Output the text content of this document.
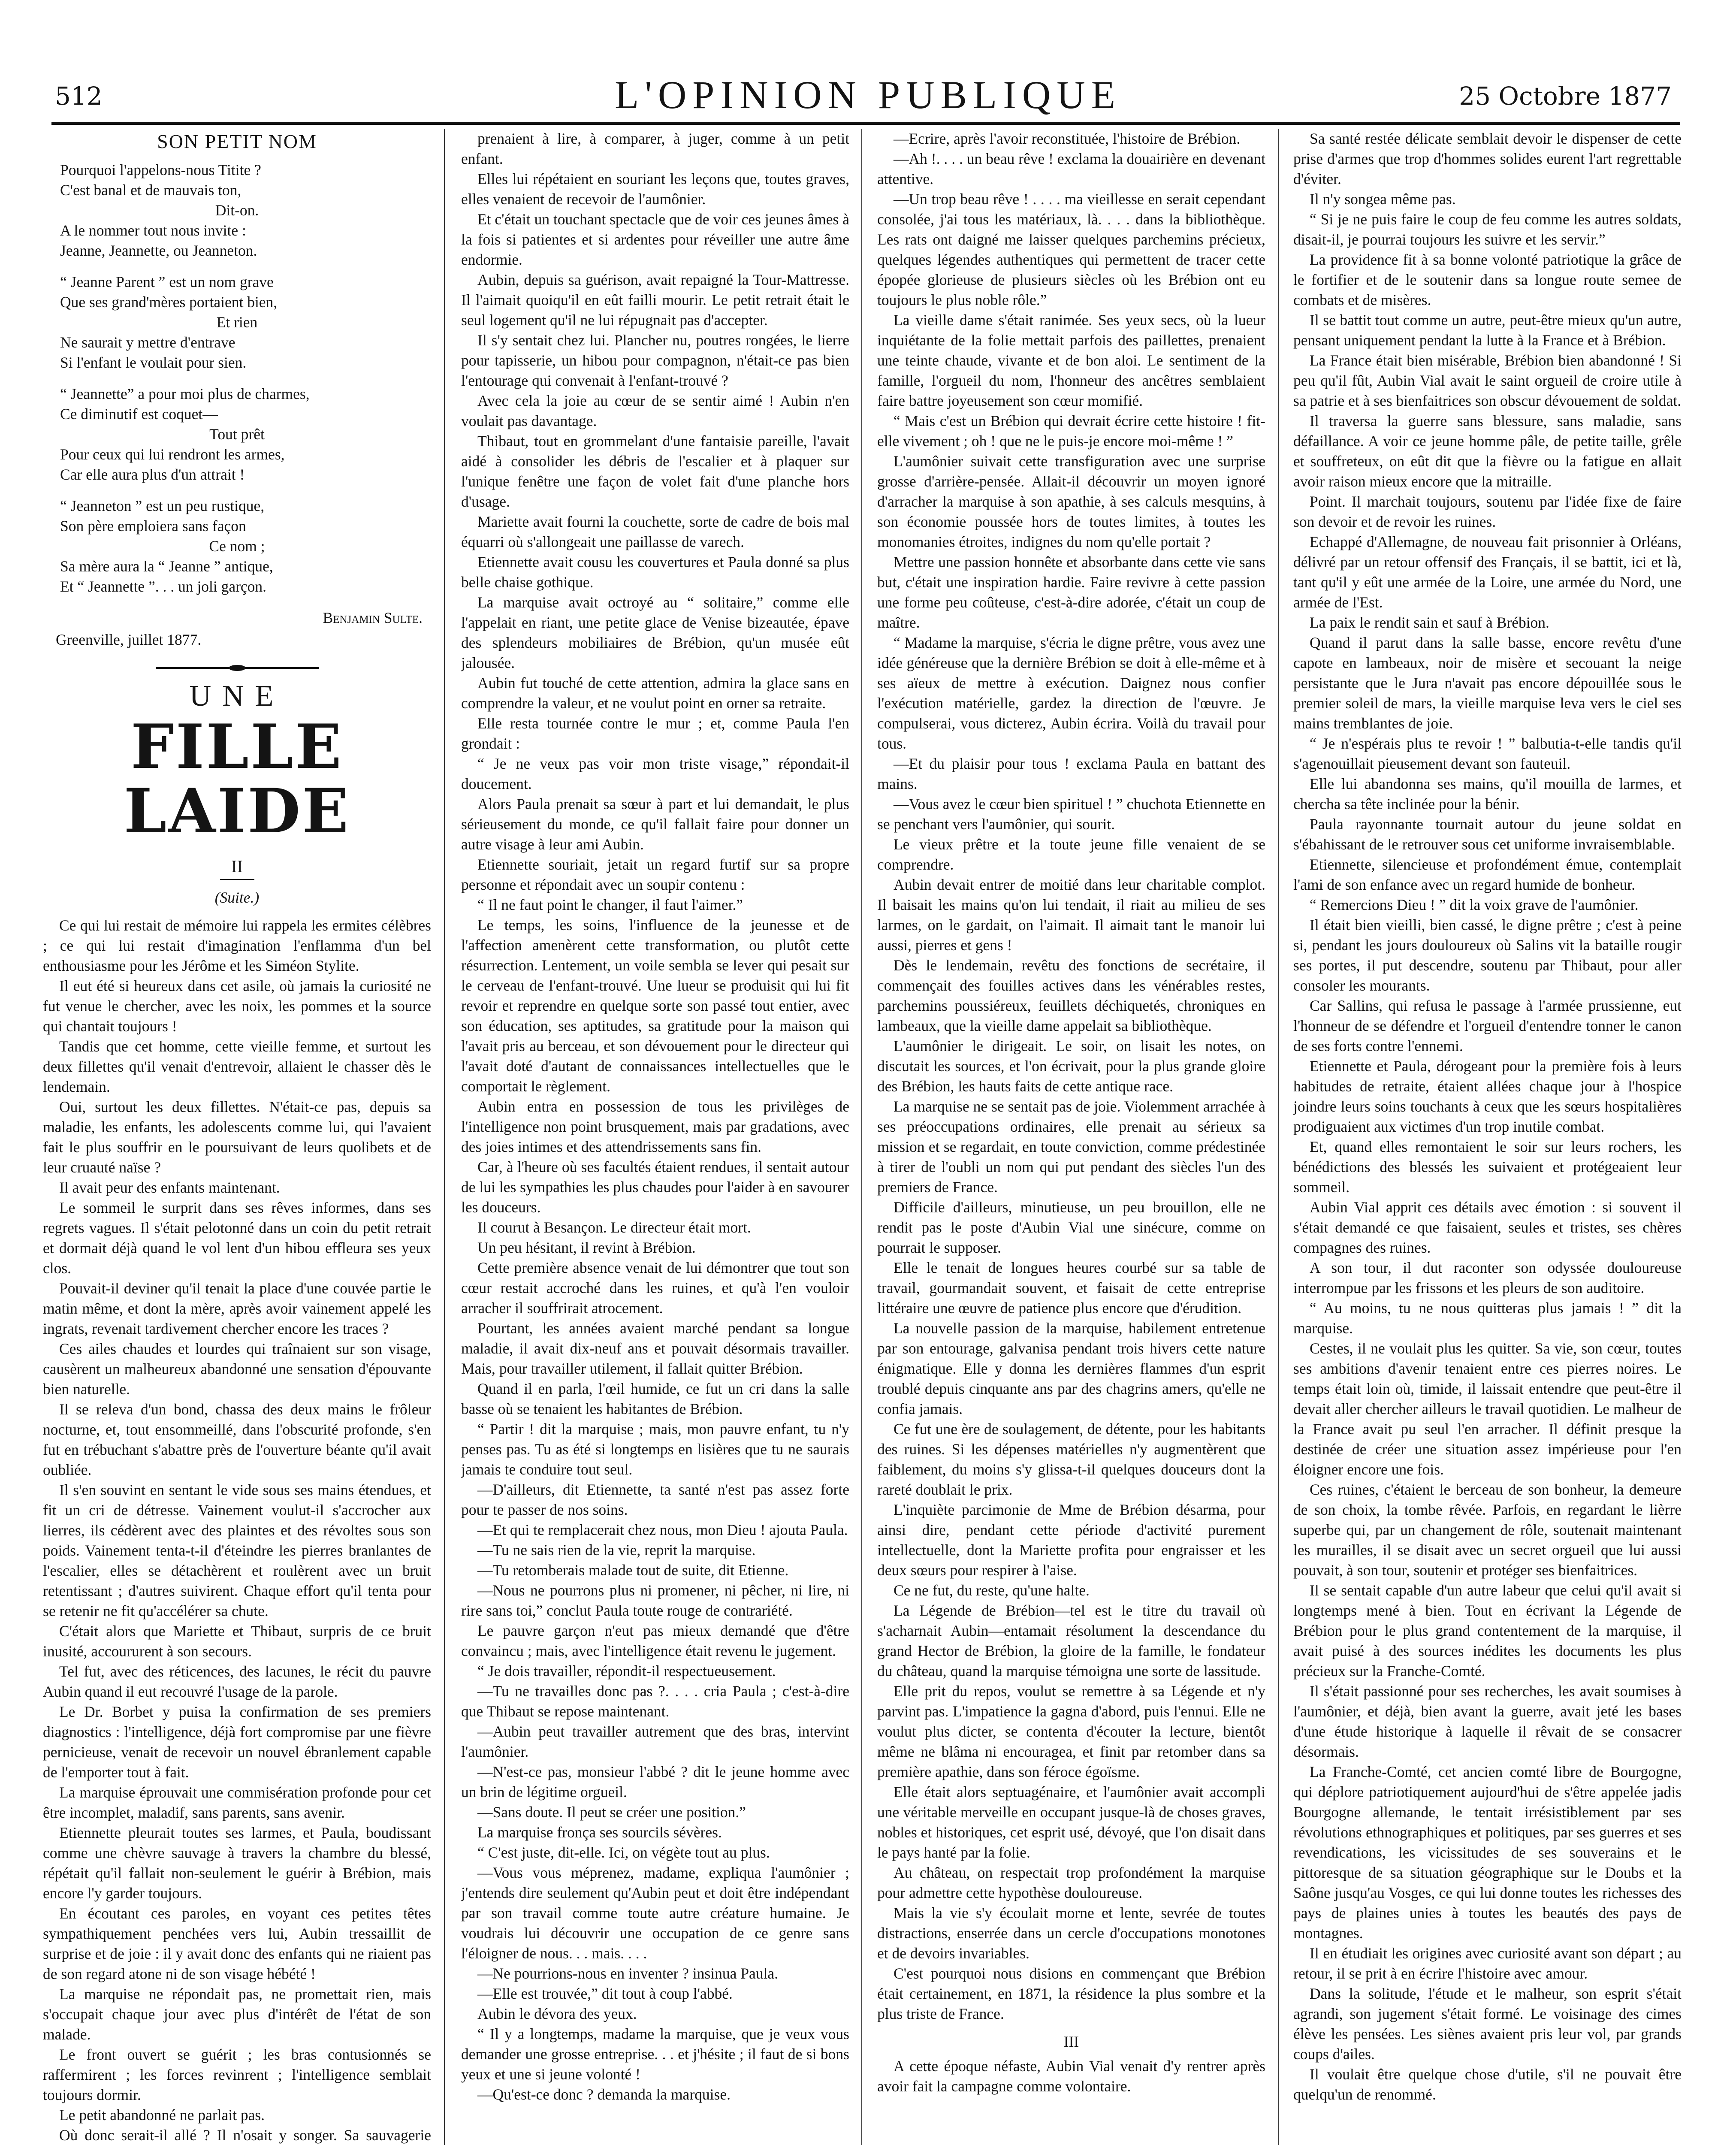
512	L'OPINION PUBLIQUE	25 Octobre 1877
SON PETIT NOM
Pourquoi l'appelons-nous Titite ?
C'est banal et de mauvais ton,
Dit-on.
A le nommer tout nous invite :
Jeanne, Jeannette, ou Jeanneton.
“ Jeanne Parent ” est un nom grave
Que ses grand'mères portaient bien,
Et rien
Ne saurait y mettre d'entrave
Si l'enfant le voulait pour sien.
“ Jeannette” a pour moi plus de charmes,
Ce diminutif est coquet—
Tout prêt
Pour ceux qui lui rendront les armes,
Car elle aura plus d'un attrait !
“ Jeanneton ” est un peu rustique,
Son père emploiera sans façon
Ce nom ;
Sa mère aura la “ Jeanne ” antique,
Et “ Jeannette ”. . . un joli garçon.
Benjamin Sulte.
Greenville, juillet 1877.
UNE
FILLE LAIDE
II
(Suite.)

Ce qui lui restait de mémoire lui rappela les ermites célèbres ; ce qui lui restait d'imagination l'enflamma d'un bel enthousiasme pour les Jérôme et les Siméon Stylite.

Il eut été si heureux dans cet asile, où jamais la curiosité ne fut venue le chercher, avec les noix, les pommes et la source qui chantait toujours !

Tandis que cet homme, cette vieille femme, et surtout les deux fillettes qu'il venait d'entrevoir, allaient le chasser dès le lendemain.

Oui, surtout les deux fillettes. N'était-ce pas, depuis sa maladie, les enfants, les adolescents comme lui, qui l'avaient fait le plus souffrir en le poursuivant de leurs quolibets et de leur cruauté naïse ?

Il avait peur des enfants maintenant.

Le sommeil le surprit dans ses rêves informes, dans ses regrets vagues. Il s'était pelotonné dans un coin du petit retrait et dormait déjà quand le vol lent d'un hibou effleura ses yeux clos.

Pouvait-il deviner qu'il tenait la place d'une couvée partie le matin même, et dont la mère, après avoir vainement appelé les ingrats, revenait tardivement chercher encore les traces ?

Ces ailes chaudes et lourdes qui traînaient sur son visage, causèrent un malheureux abandonné une sensation d'épouvante bien naturelle.

Il se releva d'un bond, chassa des deux mains le frôleur nocturne, et, tout ensommeillé, dans l'obscurité profonde, s'en fut en trébuchant s'abattre près de l'ouverture béante qu'il avait oubliée.

Il s'en souvint en sentant le vide sous ses mains étendues, et fit un cri de détresse. Vainement voulut-il s'accrocher aux lierres, ils cédèrent avec des plaintes et des révoltes sous son poids. Vainement tenta-t-il d'éteindre les pierres branlantes de l'escalier, elles se détachèrent et roulèrent avec un bruit retentissant ; d'autres suivirent. Chaque effort qu'il tenta pour se retenir ne fit qu'accélérer sa chute.

C'était alors que Mariette et Thibaut, surpris de ce bruit inusité, accoururent à son secours.

Tel fut, avec des réticences, des lacunes, le récit du pauvre Aubin quand il eut recouvré l'usage de la parole.

Le Dr. Borbet y puisa la confirmation de ses premiers diagnostics : l'intelligence, déjà fort compromise par une fièvre pernicieuse, venait de recevoir un nouvel ébranlement capable de l'emporter tout à fait.

La marquise éprouvait une commisération profonde pour cet être incomplet, maladif, sans parents, sans avenir.

Etiennette pleurait toutes ses larmes, et Paula, boudissant comme une chèvre sauvage à travers la chambre du blessé, répétait qu'il fallait non-seulement le guérir à Brébion, mais encore l'y garder toujours.

En écoutant ces paroles, en voyant ces petites têtes sympathiquement penchées vers lui, Aubin tressaillit de surprise et de joie : il y avait donc des enfants qui ne riaient pas de son regard atone ni de son visage hébété !

La marquise ne répondait pas, ne promettait rien, mais s'occupait chaque jour avec plus d'intérêt de l'état de son malade.

Le front ouvert se guérit ; les bras contusionnés se raffermirent ; les forces revinrent ; l'intelligence semblait toujours dormir.

Le petit abandonné ne parlait pas.

Où donc serait-il allé ? Il n'osait y songer. Sa sauvagerie

prenaient à lire, à comparer, à juger, comme à un petit enfant.

Elles lui répétaient en souriant les leçons que, toutes graves, elles venaient de recevoir de l'aumônier.

Et c'était un touchant spectacle que de voir ces jeunes âmes à la fois si patientes et si ardentes pour réveiller une autre âme endormie.

Aubin, depuis sa guérison, avait repaigné la Tour-Mattresse. Il l'aimait quoiqu'il en eût failli mourir. Le petit retrait était le seul logement qu'il ne lui répugnait pas d'accepter.

Il s'y sentait chez lui. Plancher nu, poutres rongées, le lierre pour tapisserie, un hibou pour compagnon, n'était-ce pas bien l'entourage qui convenait à l'enfant-trouvé ?

Avec cela la joie au cœur de se sentir aimé ! Aubin n'en voulait pas davantage.

Thibaut, tout en grommelant d'une fantaisie pareille, l'avait aidé à consolider les débris de l'escalier et à plaquer sur l'unique fenêtre une façon de volet fait d'une planche hors d'usage.

Mariette avait fourni la couchette, sorte de cadre de bois mal équarri où s'allongeait une paillasse de varech.

Etiennette avait cousu les couvertures et Paula donné sa plus belle chaise gothique.

La marquise avait octroyé au “ solitaire,” comme elle l'appelait en riant, une petite glace de Venise bizeautée, épave des splendeurs mobiliaires de Brébion, qu'un musée eût jalousée.

Aubin fut touché de cette attention, admira la glace sans en comprendre la valeur, et ne voulut point en orner sa retraite.

Elle resta tournée contre le mur ; et, comme Paula l'en grondait :

“ Je ne veux pas voir mon triste visage,” répondait-il doucement.

Alors Paula prenait sa sœur à part et lui demandait, le plus sérieusement du monde, ce qu'il fallait faire pour donner un autre visage à leur ami Aubin.

Etiennette souriait, jetait un regard furtif sur sa propre personne et répondait avec un soupir contenu :

“ Il ne faut point le changer, il faut l'aimer.”

Le temps, les soins, l'influence de la jeunesse et de l'affection amenèrent cette transformation, ou plutôt cette résurrection. Lentement, un voile sembla se lever qui pesait sur le cerveau de l'enfant-trouvé. Une lueur se produisit qui lui fit revoir et reprendre en quelque sorte son passé tout entier, avec son éducation, ses aptitudes, sa gratitude pour la maison qui l'avait pris au berceau, et son dévouement pour le directeur qui l'avait doté d'autant de connaissances intellectuelles que le comportait le règlement.

Aubin entra en possession de tous les privilèges de l'intelligence non point brusquement, mais par gradations, avec des joies intimes et des attendrissements sans fin.

Car, à l'heure où ses facultés étaient rendues, il sentait autour de lui les sympathies les plus chaudes pour l'aider à en savourer les douceurs.

Il courut à Besançon. Le directeur était mort.

Un peu hésitant, il revint à Brébion.

Cette première absence venait de lui démontrer que tout son cœur restait accroché dans les ruines, et qu'à l'en vouloir arracher il souffrirait atrocement.

Pourtant, les années avaient marché pendant sa longue maladie, il avait dix-neuf ans et pouvait désormais travailler. Mais, pour travailler utilement, il fallait quitter Brébion.

Quand il en parla, l'œil humide, ce fut un cri dans la salle basse où se tenaient les habitantes de Brébion.

“ Partir ! dit la marquise ; mais, mon pauvre enfant, tu n'y penses pas. Tu as été si longtemps en lisières que tu ne saurais jamais te conduire tout seul.

—D'ailleurs, dit Etiennette, ta santé n'est pas assez forte pour te passer de nos soins.

—Et qui te remplacerait chez nous, mon Dieu ! ajouta Paula.

—Tu ne sais rien de la vie, reprit la marquise.

—Tu retomberais malade tout de suite, dit Etienne.

—Nous ne pourrons plus ni promener, ni pêcher, ni lire, ni rire sans toi,” conclut Paula toute rouge de contrariété.

Le pauvre garçon n'eut pas mieux demandé que d'être convaincu ; mais, avec l'intelligence était revenu le jugement.

“ Je dois travailler, répondit-il respectueusement.

—Tu ne travailles donc pas ?. . . . cria Paula ; c'est-à-dire que Thibaut se repose maintenant.

—Aubin peut travailler autrement que des bras, intervint l'aumônier.

—N'est-ce pas, monsieur l'abbé ? dit le jeune homme avec un brin de légitime orgueil.

—Sans doute. Il peut se créer une position.”

La marquise fronça ses sourcils sévères.

“ C'est juste, dit-elle. Ici, on végète tout au plus.

—Vous vous méprenez, madame, expliqua l'aumônier ; j'entends dire seulement qu'Aubin peut et doit être indépendant par son travail comme toute autre créature humaine. Je voudrais lui découvrir une occupation de ce genre sans l'éloigner de nous. . . mais. . . .

—Ne pourrions-nous en inventer ? insinua Paula.

—Elle est trouvée,” dit tout à coup l'abbé.

Aubin le dévora des yeux.

“ Il y a longtemps, madame la marquise, que je veux vous demander une grosse entreprise. . . et j'hésite ; il faut de si bons yeux et une si jeune volonté !

—Qu'est-ce donc ? demanda la marquise.

—Ecrire, après l'avoir reconstituée, l'histoire de Brébion.

—Ah !. . . . un beau rêve ! exclama la douairière en devenant attentive.

—Un trop beau rêve ! . . . . ma vieillesse en serait cependant consolée, j'ai tous les matériaux, là. . . . dans la bibliothèque. Les rats ont daigné me laisser quelques parchemins précieux, quelques légendes authentiques qui permettent de tracer cette épopée glorieuse de plusieurs siècles où les Brébion ont eu toujours le plus noble rôle.”

La vieille dame s'était ranimée. Ses yeux secs, où la lueur inquiétante de la folie mettait parfois des paillettes, prenaient une teinte chaude, vivante et de bon aloi. Le sentiment de la famille, l'orgueil du nom, l'honneur des ancêtres semblaient faire battre joyeusement son cœur momifié.

“ Mais c'est un Brébion qui devrait écrire cette histoire ! fit-elle vivement ; oh ! que ne le puis-je encore moi-même ! ”

L'aumônier suivait cette transfiguration avec une surprise grosse d'arrière-pensée. Allait-il découvrir un moyen ignoré d'arracher la marquise à son apathie, à ses calculs mesquins, à son économie poussée hors de toutes limites, à toutes les monomanies étroites, indignes du nom qu'elle portait ?

Mettre une passion honnête et absorbante dans cette vie sans but, c'était une inspiration hardie. Faire revivre à cette passion une forme peu coûteuse, c'est-à-dire adorée, c'était un coup de maître.

“ Madame la marquise, s'écria le digne prêtre, vous avez une idée généreuse que la dernière Brébion se doit à elle-même et à ses aïeux de mettre à exécution. Daignez nous confier l'exécution matérielle, gardez la direction de l'œuvre. Je compulserai, vous dicterez, Aubin écrira. Voilà du travail pour tous.

—Et du plaisir pour tous ! exclama Paula en battant des mains.

—Vous avez le cœur bien spirituel ! ” chuchota Etiennette en se penchant vers l'aumônier, qui sourit.

Le vieux prêtre et la toute jeune fille venaient de se comprendre.

Aubin devait entrer de moitié dans leur charitable complot. Il baisait les mains qu'on lui tendait, il riait au milieu de ses larmes, on le gardait, on l'aimait. Il aimait tant le manoir lui aussi, pierres et gens !

Dès le lendemain, revêtu des fonctions de secrétaire, il commençait des fouilles actives dans les vénérables restes, parchemins poussiéreux, feuillets déchiquetés, chroniques en lambeaux, que la vieille dame appelait sa bibliothèque.

L'aumônier le dirigeait. Le soir, on lisait les notes, on discutait les sources, et l'on écrivait, pour la plus grande gloire des Brébion, les hauts faits de cette antique race.

La marquise ne se sentait pas de joie. Violemment arrachée à ses préoccupations ordinaires, elle prenait au sérieux sa mission et se regardait, en toute conviction, comme prédestinée à tirer de l'oubli un nom qui put pendant des siècles l'un des premiers de France.

Difficile d'ailleurs, minutieuse, un peu brouillon, elle ne rendit pas le poste d'Aubin Vial une sinécure, comme on pourrait le supposer.

Elle le tenait de longues heures courbé sur sa table de travail, gourmandait souvent, et faisait de cette entreprise littéraire une œuvre de patience plus encore que d'érudition.

La nouvelle passion de la marquise, habilement entretenue par son entourage, galvanisa pendant trois hivers cette nature énigmatique. Elle y donna les dernières flammes d'un esprit troublé depuis cinquante ans par des chagrins amers, qu'elle ne confia jamais.

Ce fut une ère de soulagement, de détente, pour les habitants des ruines. Si les dépenses matérielles n'y augmentèrent que faiblement, du moins s'y glissa-t-il quelques douceurs dont la rareté doublait le prix.

L'inquiète parcimonie de Mme de Brébion désarma, pour ainsi dire, pendant cette période d'activité purement intellectuelle, dont la Mariette profita pour engraisser et les deux sœurs pour respirer à l'aise.

Ce ne fut, du reste, qu'une halte.

La Légende de Brébion—tel est le titre du travail où s'acharnait Aubin—entamait résolument la descendance du grand Hector de Brébion, la gloire de la famille, le fondateur du château, quand la marquise témoigna une sorte de lassitude.

Elle prit du repos, voulut se remettre à sa Légende et n'y parvint pas. L'impatience la gagna d'abord, puis l'ennui. Elle ne voulut plus dicter, se contenta d'écouter la lecture, bientôt même ne blâma ni encouragea, et finit par retomber dans sa première apathie, dans son féroce égoïsme.

Elle était alors septuagénaire, et l'aumônier avait accompli une véritable merveille en occupant jusque-là de choses graves, nobles et historiques, cet esprit usé, dévoyé, que l'on disait dans le pays hanté par la folie.

Au château, on respectait trop profondément la marquise pour admettre cette hypothèse douloureuse.

Mais la vie s'y écoulait morne et lente, sevrée de toutes distractions, enserrée dans un cercle d'occupations monotones et de devoirs invariables.

C'est pourquoi nous disions en commençant que Brébion était certainement, en 1871, la résidence la plus sombre et la plus triste de France.

III

A cette époque néfaste, Aubin Vial venait d'y rentrer après avoir fait la campagne comme volontaire.

Sa santé restée délicate semblait devoir le dispenser de cette prise d'armes que trop d'hommes solides eurent l'art regrettable d'éviter.

Il n'y songea même pas.

“ Si je ne puis faire le coup de feu comme les autres soldats, disait-il, je pourrai toujours les suivre et les servir.”

La providence fit à sa bonne volonté patriotique la grâce de le fortifier et de le soutenir dans sa longue route semee de combats et de misères.

Il se battit tout comme un autre, peut-être mieux qu'un autre, pensant uniquement pendant la lutte à la France et à Brébion.

La France était bien misérable, Brébion bien abandonné ! Si peu qu'il fût, Aubin Vial avait le saint orgueil de croire utile à sa patrie et à ses bienfaitrices son obscur dévouement de soldat.

Il traversa la guerre sans blessure, sans maladie, sans défaillance. A voir ce jeune homme pâle, de petite taille, grêle et souffreteux, on eût dit que la fièvre ou la fatigue en allait avoir raison mieux encore que la mitraille.

Point. Il marchait toujours, soutenu par l'idée fixe de faire son devoir et de revoir les ruines.

Echappé d'Allemagne, de nouveau fait prisonnier à Orléans, délivré par un retour offensif des Français, il se battit, ici et là, tant qu'il y eût une armée de la Loire, une armée du Nord, une armée de l'Est.

La paix le rendit sain et sauf à Brébion.

Quand il parut dans la salle basse, encore revêtu d'une capote en lambeaux, noir de misère et secouant la neige persistante que le Jura n'avait pas encore dépouillée sous le premier soleil de mars, la vieille marquise leva vers le ciel ses mains tremblantes de joie.

“ Je n'espérais plus te revoir ! ” balbutia-t-elle tandis qu'il s'agenouillait pieusement devant son fauteuil.

Elle lui abandonna ses mains, qu'il mouilla de larmes, et chercha sa tête inclinée pour la bénir.

Paula rayonnante tournait autour du jeune soldat en s'ébahissant de le retrouver sous cet uniforme invraisemblable.

Etiennette, silencieuse et profondément émue, contemplait l'ami de son enfance avec un regard humide de bonheur.

“ Remercions Dieu ! ” dit la voix grave de l'aumônier.

Il était bien vieilli, bien cassé, le digne prêtre ; c'est à peine si, pendant les jours douloureux où Salins vit la bataille rougir ses portes, il put descendre, soutenu par Thibaut, pour aller consoler les mourants.

Car Sallins, qui refusa le passage à l'armée prussienne, eut l'honneur de se défendre et l'orgueil d'entendre tonner le canon de ses forts contre l'ennemi.

Etiennette et Paula, dérogeant pour la première fois à leurs habitudes de retraite, étaient allées chaque jour à l'hospice joindre leurs soins touchants à ceux que les sœurs hospitalières prodiguaient aux victimes d'un trop inutile combat.

Et, quand elles remontaient le soir sur leurs rochers, les bénédictions des blessés les suivaient et protégeaient leur sommeil.

Aubin Vial apprit ces détails avec émotion : si souvent il s'était demandé ce que faisaient, seules et tristes, ses chères compagnes des ruines.

A son tour, il dut raconter son odyssée douloureuse interrompue par les frissons et les pleurs de son auditoire.

“ Au moins, tu ne nous quitteras plus jamais ! ” dit la marquise.

Cestes, il ne voulait plus les quitter. Sa vie, son cœur, toutes ses ambitions d'avenir tenaient entre ces pierres noires. Le temps était loin où, timide, il laissait entendre que peut-être il devait aller chercher ailleurs le travail quotidien. Le malheur de la France avait pu seul l'en arracher. Il définit presque la destinée de créer une situation assez impérieuse pour l'en éloigner encore une fois.

Ces ruines, c'étaient le berceau de son bonheur, la demeure de son choix, la tombe rêvée. Parfois, en regardant le lièrre superbe qui, par un changement de rôle, soutenait maintenant les murailles, il se disait avec un secret orgueil que lui aussi pouvait, à son tour, soutenir et protéger ses bienfaitrices.

Il se sentait capable d'un autre labeur que celui qu'il avait si longtemps mené à bien. Tout en écrivant la Légende de Brébion pour le plus grand contentement de la marquise, il avait puisé à des sources inédites les documents les plus précieux sur la Franche-Comté.

Il s'était passionné pour ses recherches, les avait soumises à l'aumônier, et déjà, bien avant la guerre, avait jeté les bases d'une étude historique à laquelle il rêvait de se consacrer désormais.

La Franche-Comté, cet ancien comté libre de Bourgogne, qui déplore patriotiquement aujourd'hui de s'être appelée jadis Bourgogne allemande, le tentait irrésistiblement par ses révolutions ethnographiques et politiques, par ses guerres et ses revendications, les vicissitudes de ses souverains et le pittoresque de sa situation géographique sur le Doubs et la Saône jusqu'au Vosges, ce qui lui donne toutes les richesses des pays de plaines unies à toutes les beautés des pays de montagnes.

Il en étudiait les origines avec curiosité avant son départ ; au retour, il se prit à en écrire l'histoire avec amour.

Dans la solitude, l'étude et le malheur, son esprit s'était agrandi, son jugement s'était formé. Le voisinage des cimes élève les pensées. Les siènes avaient pris leur vol, par grands coups d'ailes.

Il voulait être quelque chose d'utile, s'il ne pouvait être quelqu'un de renommé.
